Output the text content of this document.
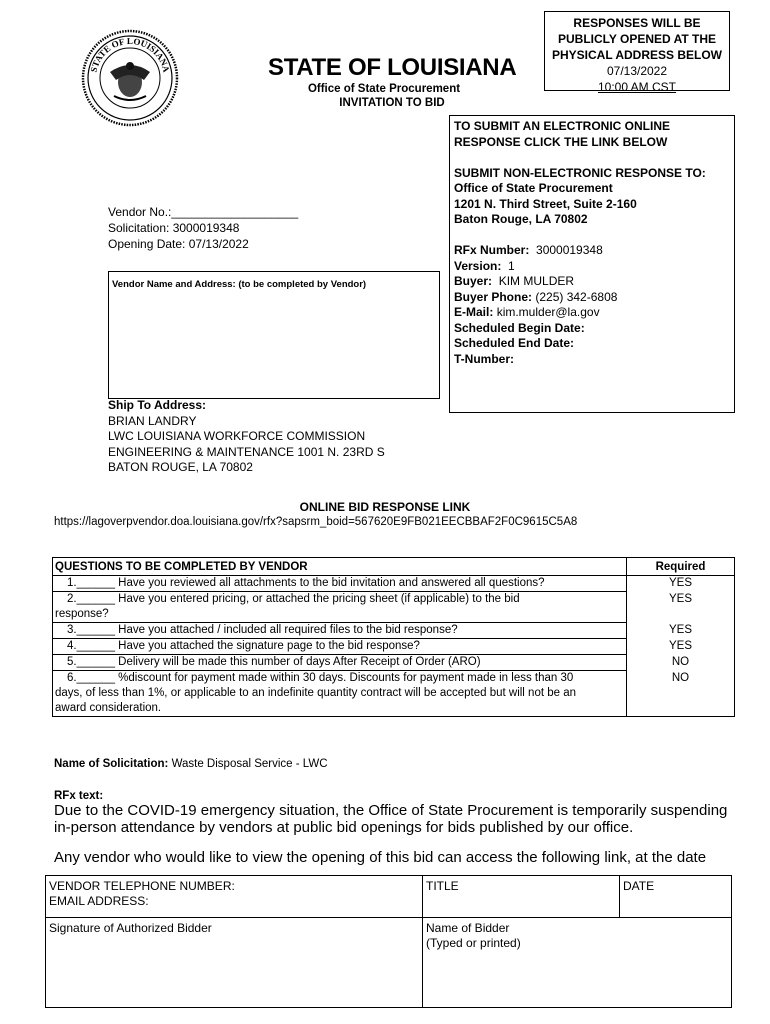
STATE OF LOUISIANA	STATE OF LOUISIANA
Office of State Procurement
INVITATION TO BID
RESPONSES WILL BE
PUBLICLY OPENED AT THE
PHYSICAL ADDRESS BELOW
07/13/2022
10:00 AM CST
TO SUBMIT AN ELECTRONIC ONLINE
RESPONSE CLICK THE LINK BELOW
SUBMIT NON-ELECTRONIC RESPONSE TO:
Office of State Procurement
1201 N. Third Street, Suite 2-160
Baton Rouge, LA 70802
RFx Number: 3000019348
Version: 1
Buyer: KIM MULDER
Buyer Phone: (225) 342-6808
E-Mail: kim.mulder@la.gov
Scheduled Begin Date:
Scheduled End Date:
T-Number:
Vendor No.:___________________
Solicitation: 3000019348
Opening Date: 07/13/2022
Vendor Name and Address: (to be completed by Vendor)
Ship To Address:
BRIAN LANDRY
LWC LOUISIANA WORKFORCE COMMISSION
ENGINEERING & MAINTENANCE 1001 N. 23RD S
BATON ROUGE, LA 70802
ONLINE BID RESPONSE LINK
https://lagoverpvendor.doa.louisiana.gov/rfx?sapsrm_boid=567620E9FB021EECBBAF2F0C9615C5A8
QUESTIONS TO BE COMPLETED BY VENDOR	Required

1.______ Have you reviewed all attachments to the bid invitation and answered all questions?	YES

2.______ Have you entered pricing, or attached the pricing sheet (if applicable) to the bid
response?	YES

3.______ Have you attached / included all required files to the bid response?	YES

4.______ Have you attached the signature page to the bid response?	YES

5.______ Delivery will be made this number of days After Receipt of Order (ARO)	NO

6.______ %discount for payment made within 30 days. Discounts for payment made in less than 30
days, of less than 1%, or applicable to an indefinite quantity contract will be accepted but will not be an
award consideration.	NO
Name of Solicitation: Waste Disposal Service - LWC
RFx text:
Due to the COVID-19 emergency situation, the Office of State Procurement is temporarily suspending in-person attendance by vendors at public bid openings for bids published by our office.
Any vendor who would like to view the opening of this bid can access the following link, at the date
VENDOR TELEPHONE NUMBER:
EMAIL ADDRESS:	TITLE	DATE

Signature of Authorized Bidder	Name of Bidder
(Typed or printed)	
